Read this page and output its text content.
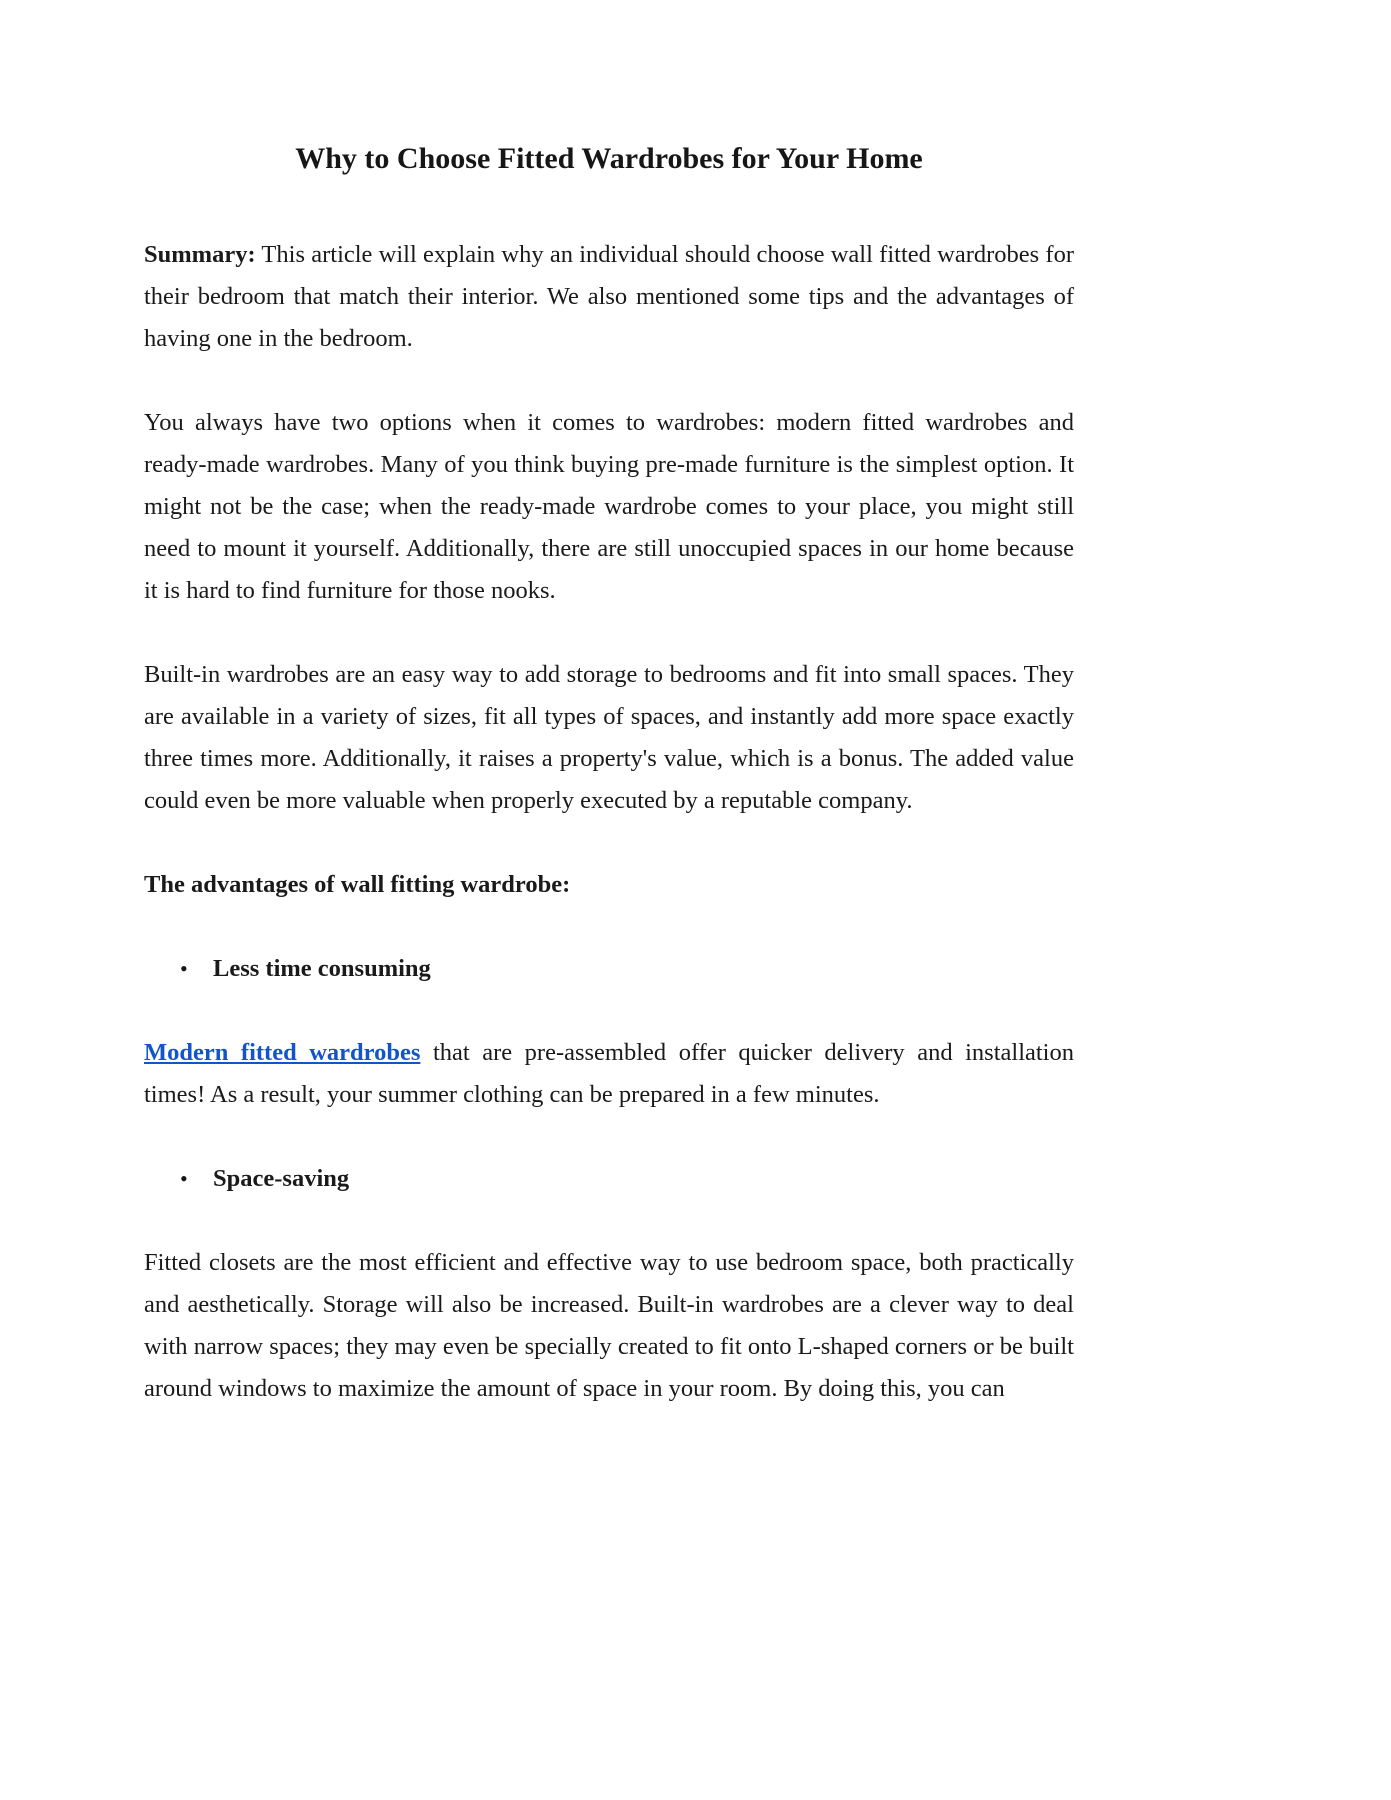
Why to Choose Fitted Wardrobes for Your Home

Summary: This article will explain why an individual should choose wall fitted wardrobes for their bedroom that match their interior. We also mentioned some tips and the advantages of having one in the bedroom.

You always have two options when it comes to wardrobes: modern fitted wardrobes and ready-made wardrobes. Many of you think buying pre-made furniture is the simplest option. It might not be the case; when the ready-made wardrobe comes to your place, you might still need to mount it yourself. Additionally, there are still unoccupied spaces in our home because it is hard to find furniture for those nooks.

Built-in wardrobes are an easy way to add storage to bedrooms and fit into small spaces. They are available in a variety of sizes, fit all types of spaces, and instantly add more space exactly three times more. Additionally, it raises a property's value, which is a bonus. The added value could even be more valuable when properly executed by a reputable company.

The advantages of wall fitting wardrobe:

•	Less time consuming

Modern fitted wardrobes that are pre-assembled offer quicker delivery and installation times! As a result, your summer clothing can be prepared in a few minutes.

•	Space-saving

Fitted closets are the most efficient and effective way to use bedroom space, both practically and aesthetically. Storage will also be increased. Built-in wardrobes are a clever way to deal with narrow spaces; they may even be specially created to fit onto L-shaped corners or be built around windows to maximize the amount of space in your room. By doing this, you can
